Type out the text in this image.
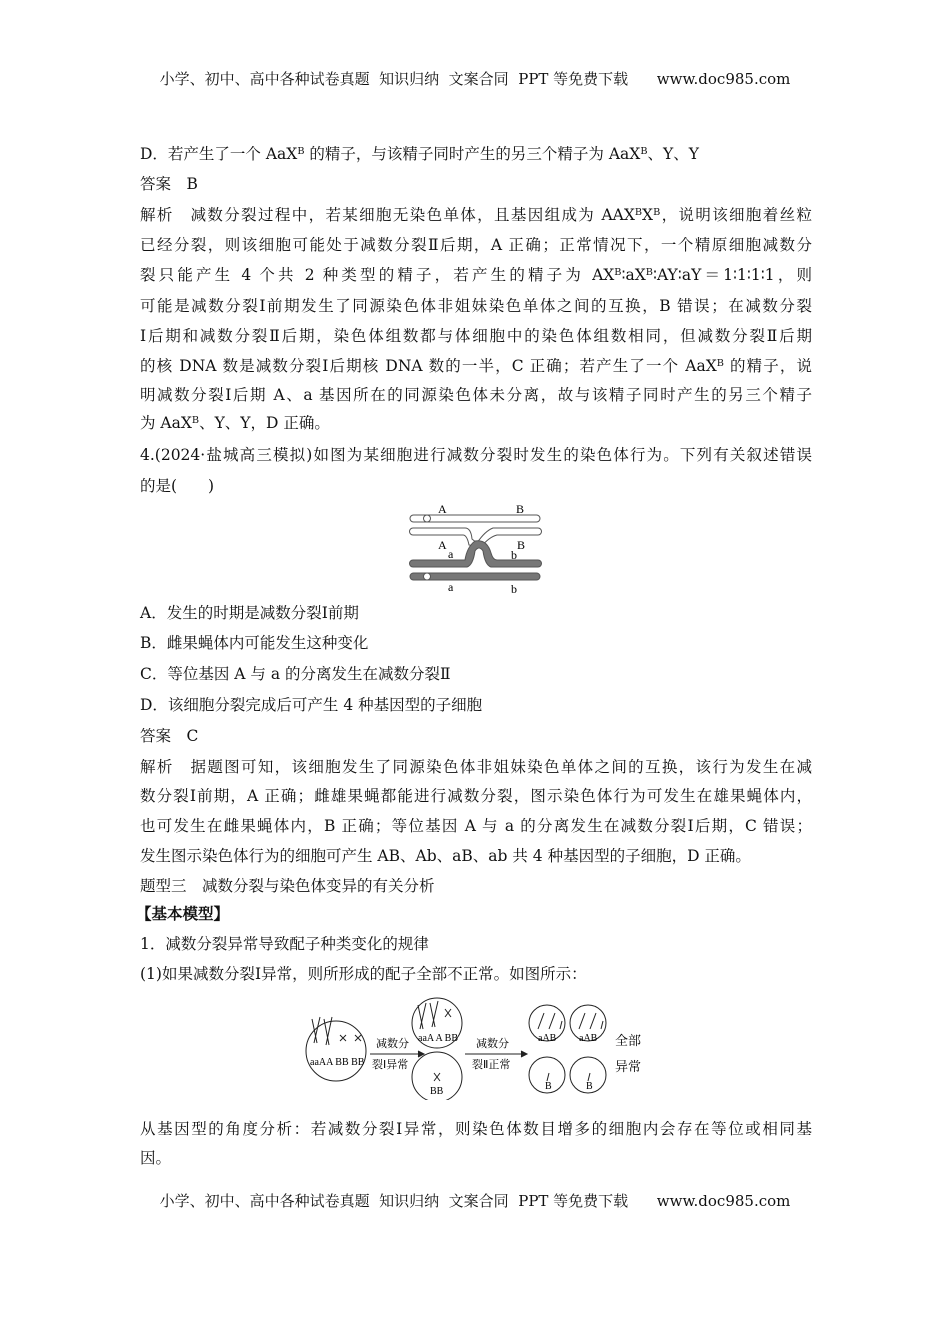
小学、初中、高中各种试卷真题  知识归纳  文案合同  PPT 等免费下载      www.doc985.com
D．若产生了一个 AaXᴮ 的精子，与该精子同时产生的另三个精子为 AaXᴮ、Y、Y
答案　B
解析　减数分裂过程中，若某细胞无染色单体，且基因组成为 AAXᴮXᴮ，说明该细胞着丝粒
已经分裂，则该细胞可能处于减数分裂Ⅱ后期，A 正确；正常情况下，一个精原细胞减数分
裂只能产生 4 个共 2 种类型的精子，若产生的精子为 AXᴮ∶aXᴮ∶AY∶aY＝1∶1∶1∶1，则
可能是减数分裂Ⅰ前期发生了同源染色体非姐妹染色单体之间的互换，B 错误；在减数分裂
Ⅰ后期和减数分裂Ⅱ后期，染色体组数都与体细胞中的染色体组数相同，但减数分裂Ⅱ后期
的核 DNA 数是减数分裂Ⅰ后期核 DNA 数的一半，C 正确；若产生了一个 AaXᴮ 的精子，说
明减数分裂Ⅰ后期 A、a 基因所在的同源染色体未分离，故与该精子同时产生的另三个精子
为 AaXᴮ、Y、Y，D 正确。
4.(2024·盐城高三模拟)如图为某细胞进行减数分裂时发生的染色体行为。下列有关叙述错误
的是(　　)
A	B
A	B
a	b
a	b
A．发生的时期是减数分裂Ⅰ前期
B．雌果蝇体内可能发生这种变化
C．等位基因 A 与 a 的分离发生在减数分裂Ⅱ
D．该细胞分裂完成后可产生 4 种基因型的子细胞
答案　C
解析　据题图可知，该细胞发生了同源染色体非姐妹染色单体之间的互换，该行为发生在减
数分裂Ⅰ前期，A 正确；雌雄果蝇都能进行减数分裂，图示染色体行为可发生在雄果蝇体内，
也可发生在雌果蝇体内，B 正确；等位基因 A 与 a 的分离发生在减数分裂Ⅰ后期，C 错误；
发生图示染色体行为的细胞可产生 AB、Ab、aB、ab 共 4 种基因型的子细胞，D 正确。
题型三　减数分裂与染色体变异的有关分析
【基本模型】
1．减数分裂异常导致配子种类变化的规律
(1)如果减数分裂Ⅰ异常，则所形成的配子全部不正常。如图所示：
aaAA BB BB
aaA A BB
BB
aAB aAB
B	B
减数分
裂Ⅰ异常
减数分
裂Ⅱ正常
全部
异常
从基因型的角度分析：若减数分裂Ⅰ异常，则染色体数目增多的细胞内会存在等位或相同基
因。
小学、初中、高中各种试卷真题  知识归纳  文案合同  PPT 等免费下载      www.doc985.com
